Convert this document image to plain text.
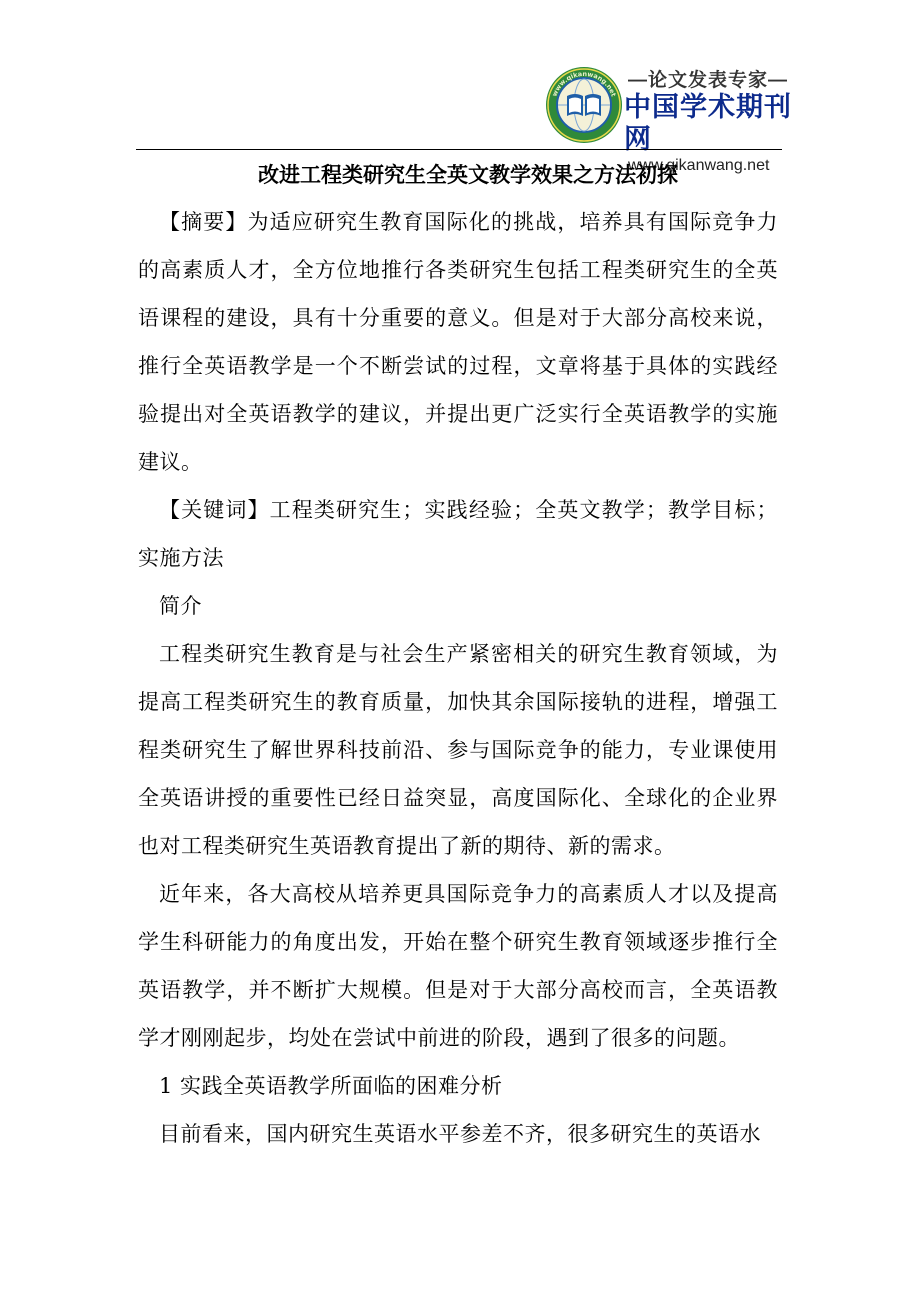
www.qikanwang.net
—论文发表专家—
中国学术期刊网
www.qikanwang.net
改进工程类研究生全英文教学效果之方法初探

【摘要】为适应研究生教育国际化的挑战，培养具有国际竞争力的高素质人才，全方位地推行各类研究生包括工程类研究生的全英语课程的建设，具有十分重要的意义。但是对于大部分高校来说，推行全英语教学是一个不断尝试的过程，文章将基于具体的实践经验提出对全英语教学的建议，并提出更广泛实行全英语教学的实施建议。

【关键词】工程类研究生；实践经验；全英文教学；教学目标；实施方法

简介

工程类研究生教育是与社会生产紧密相关的研究生教育领域，为提高工程类研究生的教育质量，加快其余国际接轨的进程，增强工程类研究生了解世界科技前沿、参与国际竞争的能力，专业课使用全英语讲授的重要性已经日益突显，高度国际化、全球化的企业界也对工程类研究生英语教育提出了新的期待、新的需求。

近年来，各大高校从培养更具国际竞争力的高素质人才以及提高学生科研能力的角度出发，开始在整个研究生教育领域逐步推行全英语教学，并不断扩大规模。但是对于大部分高校而言，全英语教学才刚刚起步，均处在尝试中前进的阶段，遇到了很多的问题。

1 实践全英语教学所面临的困难分析

目前看来，国内研究生英语水平参差不齐，很多研究生的英语水
